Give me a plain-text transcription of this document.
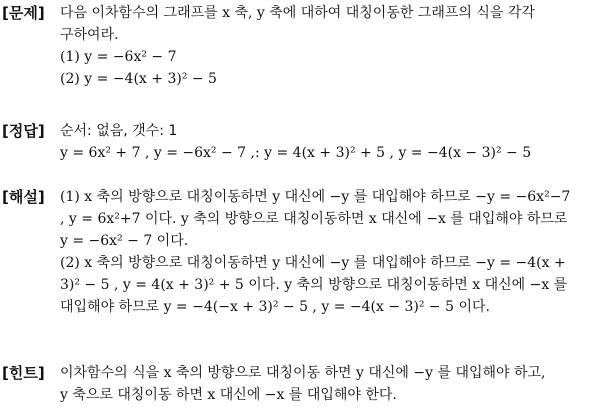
[문제]	다음 이차함수의 그래프를 x 축, y 축에 대하여 대칭이동한 그래프의 식을 각각
구하여라.
(1) y = −6x² − 7
(2) y = −4(x + 3)² − 5
[정답]	순서: 없음, 갯수: 1
y = 6x² + 7 , y = −6x² − 7 ,: y = 4(x + 3)² + 5 , y = −4(x − 3)² − 5
[해설]	(1) x 축의 방향으로 대칭이동하면 y 대신에 −y 를 대입해야 하므로 −y = −6x²−7
, y = 6x²+7 이다. y 축의 방향으로 대칭이동하면 x 대신에 −x 를 대입해야 하므로
y = −6x² − 7 이다.
(2) x 축의 방향으로 대칭이동하면 y 대신에 −y 를 대입해야 하므로 −y = −4(x +
3)² − 5 , y = 4(x + 3)² + 5 이다. y 축의 방향으로 대칭이동하면 x 대신에 −x 를
대입해야 하므로 y = −4(−x + 3)² − 5 , y = −4(x − 3)² − 5 이다.
[힌트]	이차함수의 식을 x 축의 방향으로 대칭이동 하면 y 대신에 −y 를 대입해야 하고,
y 축으로 대칭이동 하면 x 대신에 −x 를 대입해야 한다.
